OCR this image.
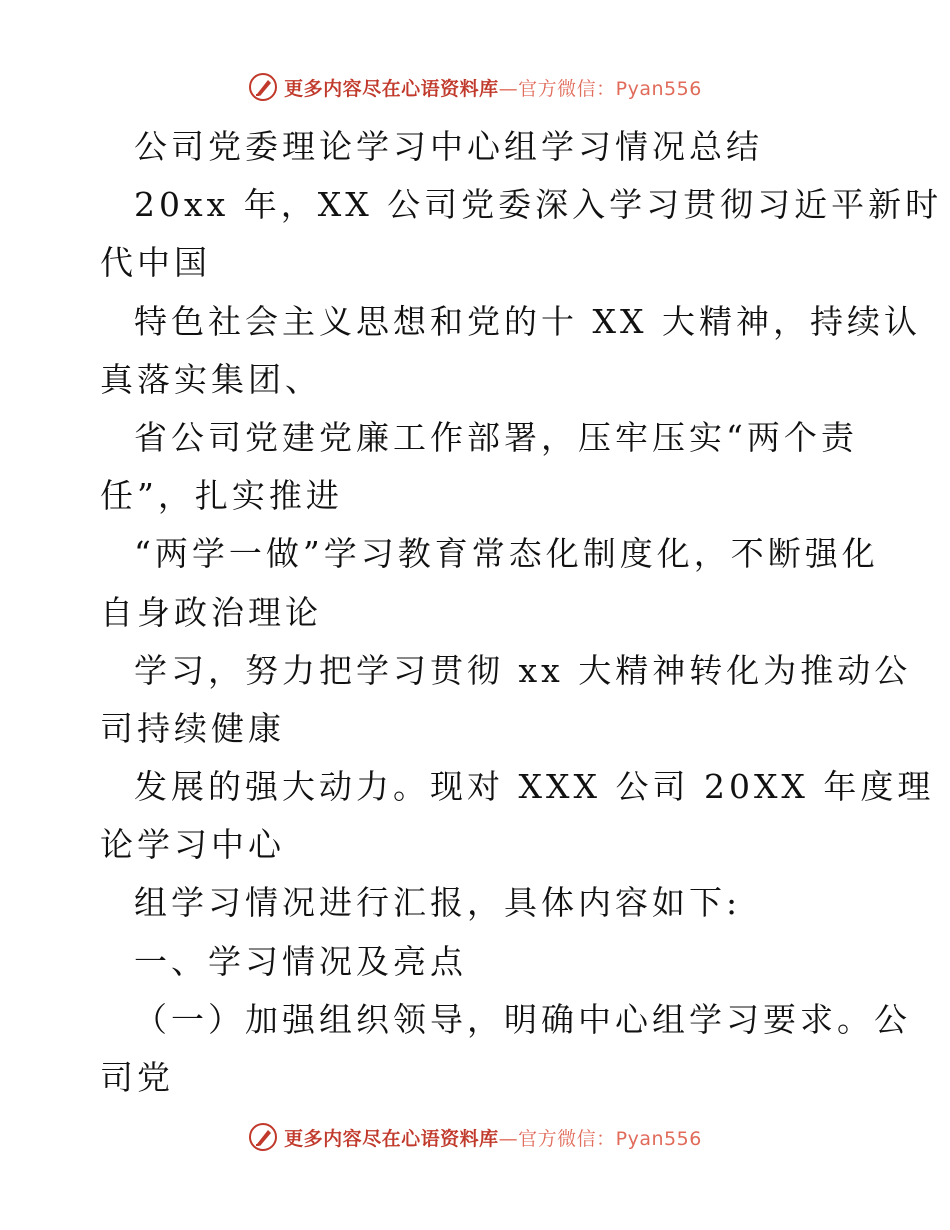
更多内容尽在心语资料库—官方微信：Pyan556
公司党委理论学习中心组学习情况总结
20xx 年，XX 公司党委深入学习贯彻习近平新时
代中国
特色社会主义思想和党的十 XX 大精神，持续认
真落实集团、
省公司党建党廉工作部署，压牢压实“两个责
任”，扎实推进
“两学一做”学习教育常态化制度化，不断强化
自身政治理论
学习，努力把学习贯彻 xx 大精神转化为推动公
司持续健康
发展的强大动力。现对 XXX 公司 20XX 年度理
论学习中心
组学习情况进行汇报，具体内容如下:
一、学习情况及亮点
（一）加强组织领导，明确中心组学习要求。公
司党
更多内容尽在心语资料库—官方微信：Pyan556
